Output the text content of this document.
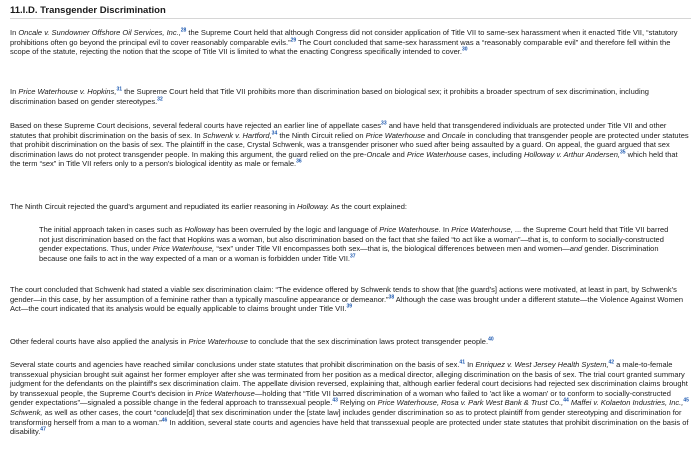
11.I.D. Transgender Discrimination

In Oncale v. Sundowner Offshore Oil Services, Inc.,$^{28}$ the Supreme Court held that although Congress did not consider application of Title VII to same-sex harassment when it enacted Title VII, “statutory prohibitions often go beyond the principal evil to cover reasonably comparable evils.”$^{29}$ The Court concluded that same-sex harassment was a “reasonably comparable evil” and therefore fell within the scope of the statute, rejecting the notion that the scope of Title VII is limited to what the enacting Congress specifically intended to cover.$^{30}$

In Price Waterhouse v. Hopkins,$^{31}$ the Supreme Court held that Title VII prohibits more than discrimination based on biological sex; it prohibits a broader spectrum of sex discrimination, including discrimination based on gender stereotypes.$^{32}$

Based on these Supreme Court decisions, several federal courts have rejected an earlier line of appellate cases$^{33}$ and have held that transgendered individuals are protected under Title VII and other statutes that prohibit discrimination on the basis of sex. In Schwenk v. Hartford,$^{34}$ the Ninth Circuit relied on Price Waterhouse and Oncale in concluding that transgender people are protected under statutes that prohibit discrimination on the basis of sex. The plaintiff in the case, Crystal Schwenk, was a transgender prisoner who sued after being assaulted by a guard. On appeal, the guard argued that sex discrimination laws do not protect transgender people. In making this argument, the guard relied on the pre-Oncale and Price Waterhouse cases, including Holloway v. Arthur Andersen,$^{35}$ which held that the term “sex” in Title VII refers only to a person's biological identity as male or female.$^{36}$

The Ninth Circuit rejected the guard's argument and repudiated its earlier reasoning in Holloway. As the court explained:

The initial approach taken in cases such as Holloway has been overruled by the logic and language of Price Waterhouse. In Price Waterhouse, ... the Supreme Court held that Title VII barred not just discrimination based on the fact that Hopkins was a woman, but also discrimination based on the fact that she failed “to act like a woman”—that is, to conform to socially-constructed gender expectations. Thus, under Price Waterhouse, “sex” under Title VII encompasses both sex—that is, the biological differences between men and women—and gender. Discrimination because one fails to act in the way expected of a man or a woman is forbidden under Title VII.$^{37}$

The court concluded that Schwenk had stated a viable sex discrimination claim: “The evidence offered by Schwenk tends to show that [the guard's] actions were motivated, at least in part, by Schwenk's gender—in this case, by her assumption of a feminine rather than a typically masculine appearance or demeanor.”$^{38}$ Although the case was brought under a different statute—the Violence Against Women Act—the court indicated that its analysis would be equally applicable to claims brought under Title VII.$^{39}$

Other federal courts have also applied the analysis in Price Waterhouse to conclude that the sex discrimination laws protect transgender people.$^{40}$

Several state courts and agencies have reached similar conclusions under state statutes that prohibit discrimination on the basis of sex.$^{41}$ In Enriquez v. West Jersey Health System,$^{42}$ a male-to-female transsexual physician brought suit against her former employer after she was terminated from her position as a medical director, alleging discrimination on the basis of sex. The trial court granted summary judgment for the defendants on the plaintiff's sex discrimination claim. The appellate division reversed, explaining that, although earlier federal court decisions had rejected sex discrimination claims brought by transsexual people, the Supreme Court's decision in Price Waterhouse—holding that “Title VII barred discrimination of a woman who failed to 'act like a woman' or to conform to socially-constructed gender expectations”—signaled a possible change in the federal approach to transsexual people.$^{43}$ Relying on Price Waterhouse, Rosa v. Park West Bank & Trust Co.,$^{44}$ Maffei v. Kolaeton Industries, Inc.,$^{45}$ Schwenk, as well as other cases, the court “conclude[d] that sex discrimination under the [state law] includes gender discrimination so as to protect plaintiff from gender stereotyping and discrimination for transforming herself from a man to a woman.”$^{46}$ In addition, several state courts and agencies have held that transsexual people are protected under state statutes that prohibit discrimination on the basis of disability.$^{47}$
